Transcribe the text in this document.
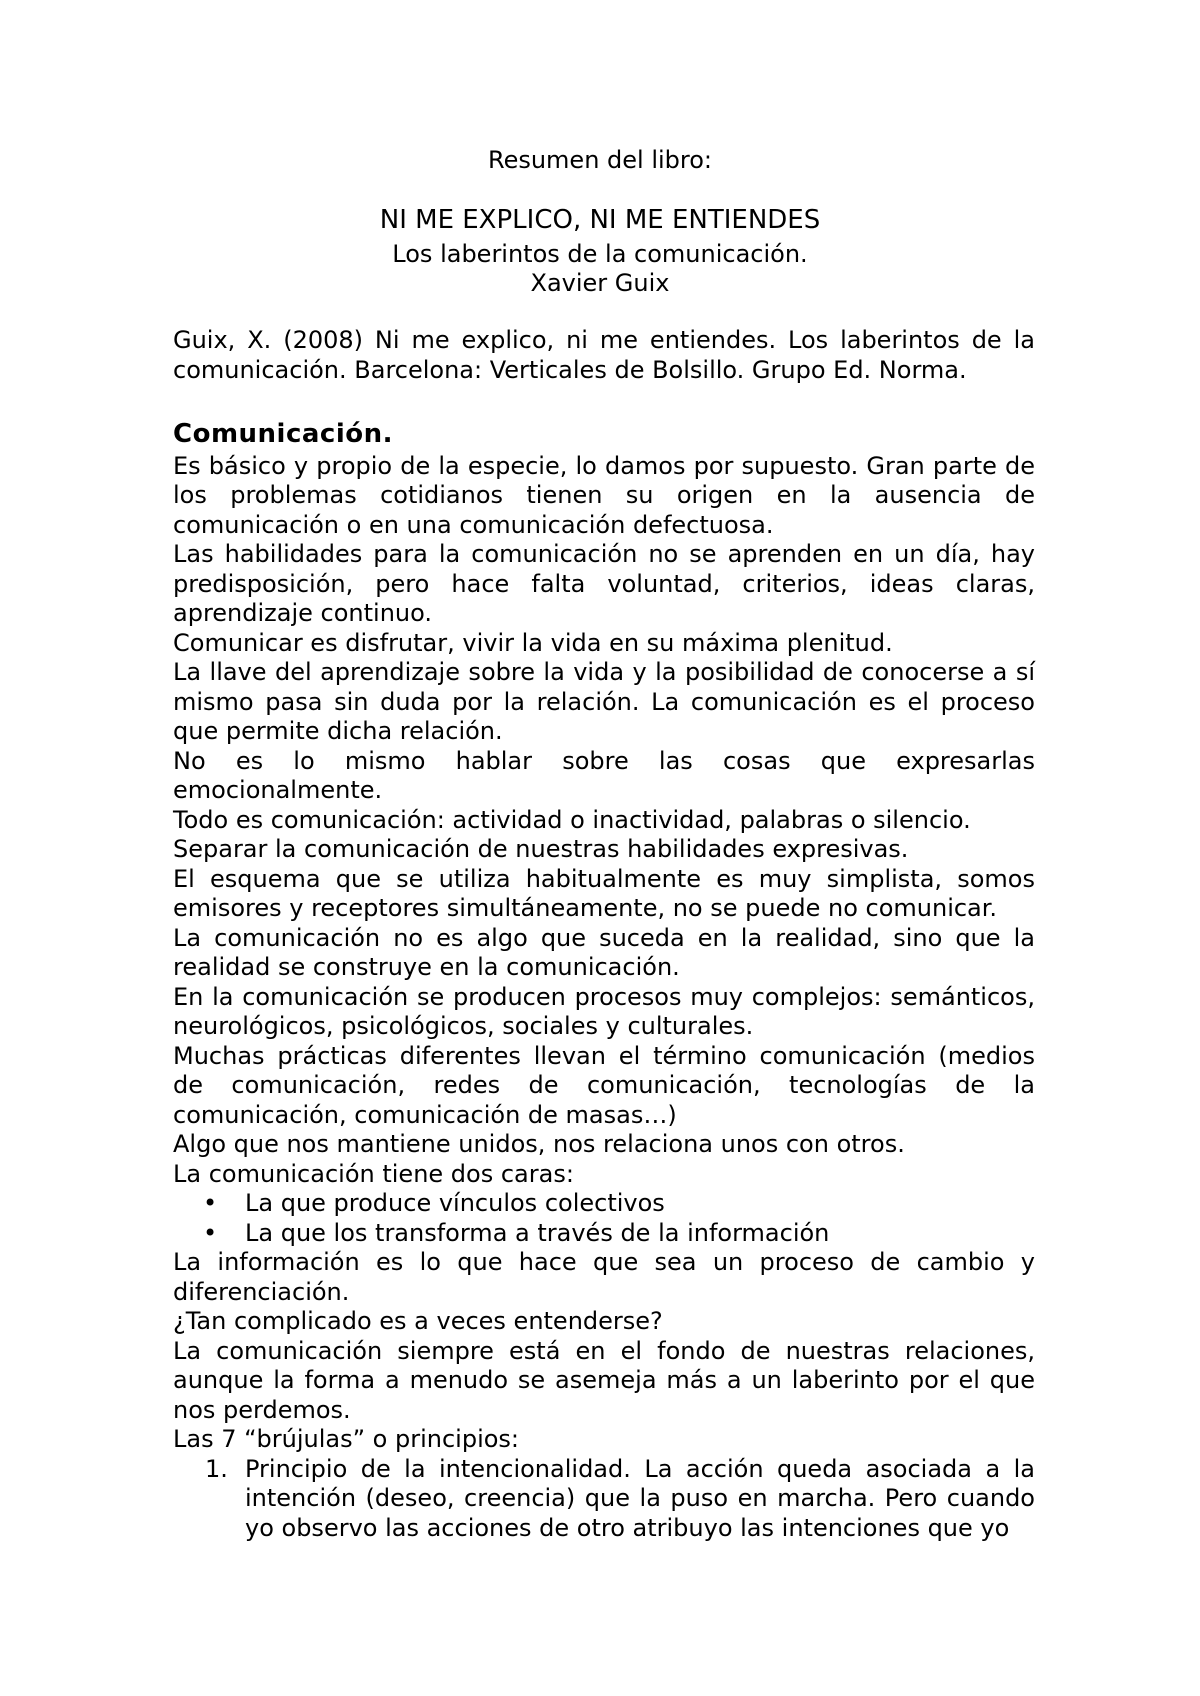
Resumen del libro:
NI ME EXPLICO, NI ME ENTIENDES
Los laberintos de la comunicación.
Xavier Guix
Guix, X. (2008) Ni me explico, ni me entiendes. Los laberintos de la comunicación. Barcelona: Verticales de Bolsillo. Grupo Ed. Norma.
Comunicación.

Es básico y propio de la especie, lo damos por supuesto. Gran parte de los problemas cotidianos tienen su origen en la ausencia de comunicación o en una comunicación defectuosa.

Las habilidades para la comunicación no se aprenden en un día, hay predisposición, pero hace falta voluntad, criterios, ideas claras, aprendizaje continuo.

Comunicar es disfrutar, vivir la vida en su máxima plenitud.

La llave del aprendizaje sobre la vida y la posibilidad de conocerse a sí mismo pasa sin duda por la relación. La comunicación es el proceso que permite dicha relación.

No es lo mismo hablar sobre las cosas que expresarlas emocionalmente.

Todo es comunicación: actividad o inactividad, palabras o silencio.

Separar la comunicación de nuestras habilidades expresivas.

El esquema que se utiliza habitualmente es muy simplista, somos emisores y receptores simultáneamente, no se puede no comunicar.

La comunicación no es algo que suceda en la realidad, sino que la realidad se construye en la comunicación.

En la comunicación se producen procesos muy complejos: semánticos, neurológicos, psicológicos, sociales y culturales.

Muchas prácticas diferentes llevan el término comunicación (medios de comunicación, redes de comunicación, tecnologías de la comunicación, comunicación de masas…)

Algo que nos mantiene unidos, nos relaciona unos con otros.

La comunicación tiene dos caras:

• La que produce vínculos colectivos
• La que los transforma a través de la información

La información es lo que hace que sea un proceso de cambio y diferenciación.

¿Tan complicado es a veces entenderse?

La comunicación siempre está en el fondo de nuestras relaciones, aunque la forma a menudo se asemeja más a un laberinto por el que nos perdemos.

Las 7 “brújulas” o principios:

1. Principio de la intencionalidad. La acción queda asociada a la intención (deseo, creencia) que la puso en marcha. Pero cuando yo observo las acciones de otro atribuyo las intenciones que yo
